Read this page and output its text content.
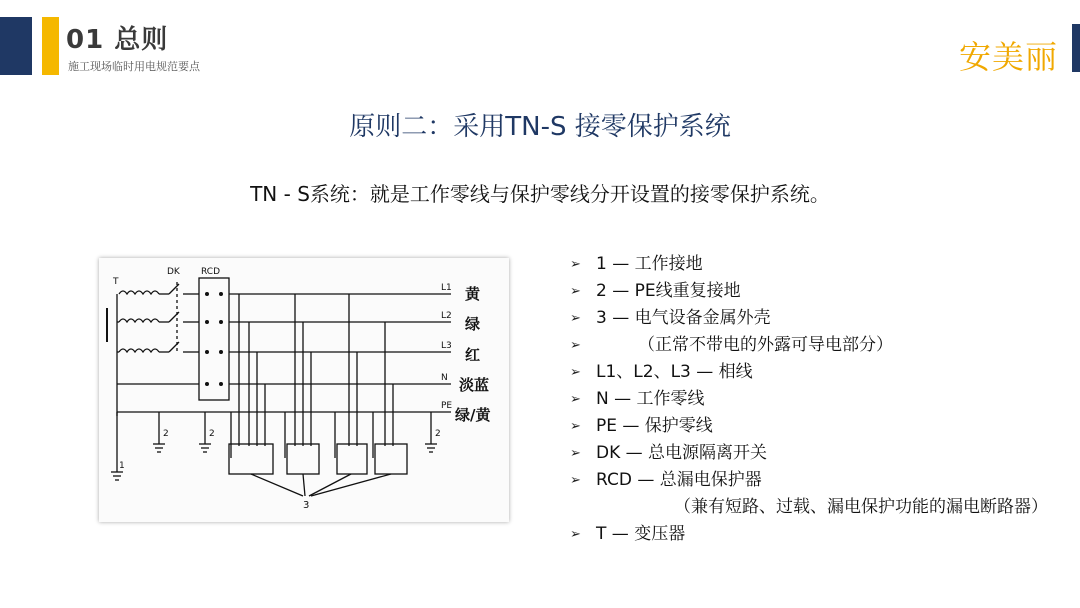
01 总则
施工现场临时用电规范要点	安美丽
原则二：采用TN-S 接零保护系统
TN - S系统：就是工作零线与保护零线分开设置的接零保护系统。
T
DK RCD
L1
L2
L3
N
PE
黄
绿
红
淡蓝
绿/黄
3
1
2	2	2
➢ 1 — 工作接地
➢ 2 — PE线重复接地
➢ 3 — 电气设备金属外壳
➢	（正常不带电的外露可导电部分）
➢ L1、L2、L3 — 相线
➢ N — 工作零线
➢ PE — 保护零线
➢ DK — 总电源隔离开关
➢ RCD — 总漏电保护器
（兼有短路、过载、漏电保护功能的漏电断路器）
➢ T — 变压器
